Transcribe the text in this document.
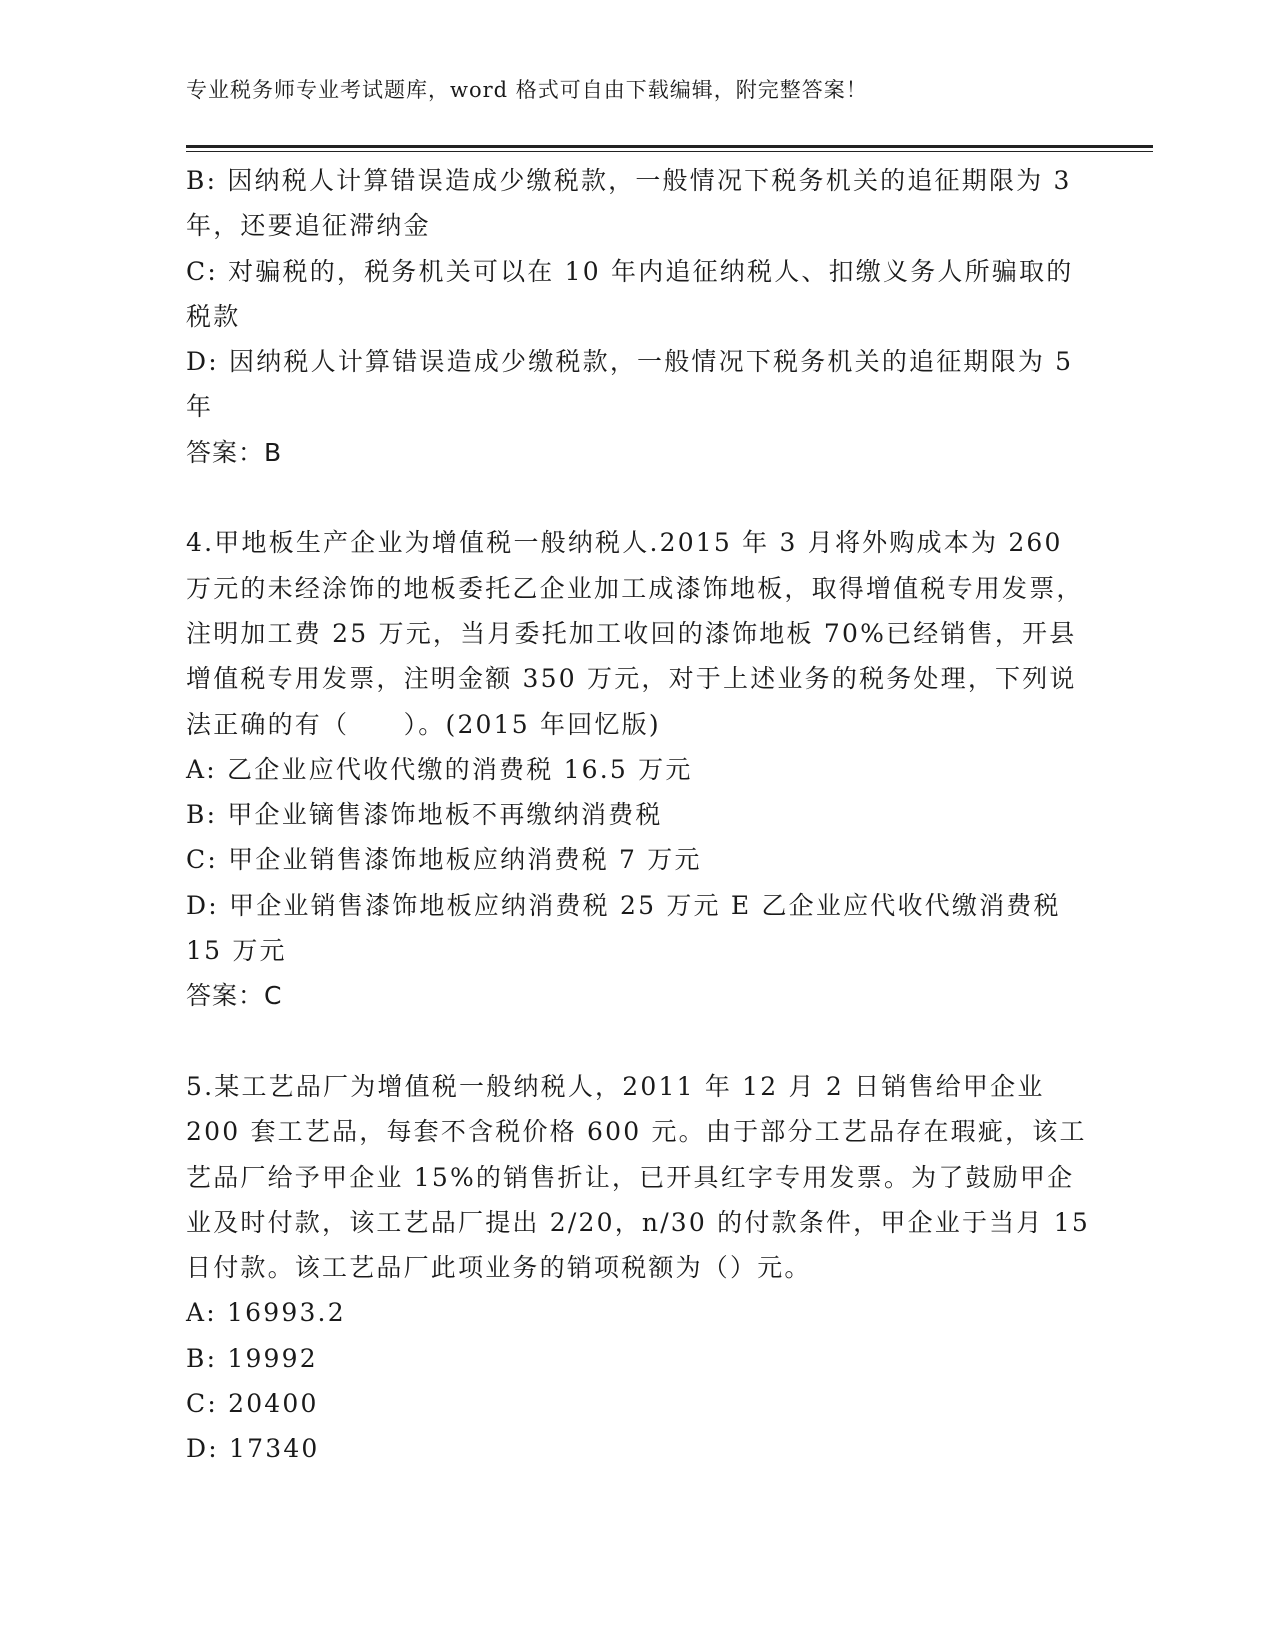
专业税务师专业考试题库，word 格式可自由下载编辑，附完整答案！

B: 因纳税人计算错误造成少缴税款，一般情况下税务机关的追征期限为 3 年，还要追征滞纳金

C: 对骗税的，税务机关可以在 10 年内追征纳税人、扣缴义务人所骗取的税款

D: 因纳税人计算错误造成少缴税款，一般情况下税务机关的追征期限为 5 年

答案：B

4.甲地板生产企业为增值税一般纳税人.2015 年 3 月将外购成本为 260 万元的未经涂饰的地板委托乙企业加工成漆饰地板，取得增值税专用发票，注明加工费 25 万元，当月委托加工收回的漆饰地板 70%已经销售，开县增值税专用发票，注明金额 350 万元，对于上述业务的税务处理，下列说法正确的有（　　）。(2015 年回忆版)

A: 乙企业应代收代缴的消费税 16.5 万元

B: 甲企业镝售漆饰地板不再缴纳消费税

C: 甲企业销售漆饰地板应纳消费税 7 万元

D: 甲企业销售漆饰地板应纳消费税 25 万元 E 乙企业应代收代缴消费税 15 万元

答案：C

5.某工艺品厂为增值税一般纳税人，2011 年 12 月 2 日销售给甲企业 200 套工艺品，每套不含税价格 600 元。由于部分工艺品存在瑕疵，该工艺品厂给予甲企业 15%的销售折让，已开具红字专用发票。为了鼓励甲企业及时付款，该工艺品厂提出 2/20，n/30 的付款条件，甲企业于当月 15 日付款。该工艺品厂此项业务的销项税额为（）元。

A: 16993.2

B: 19992

C: 20400

D: 17340
